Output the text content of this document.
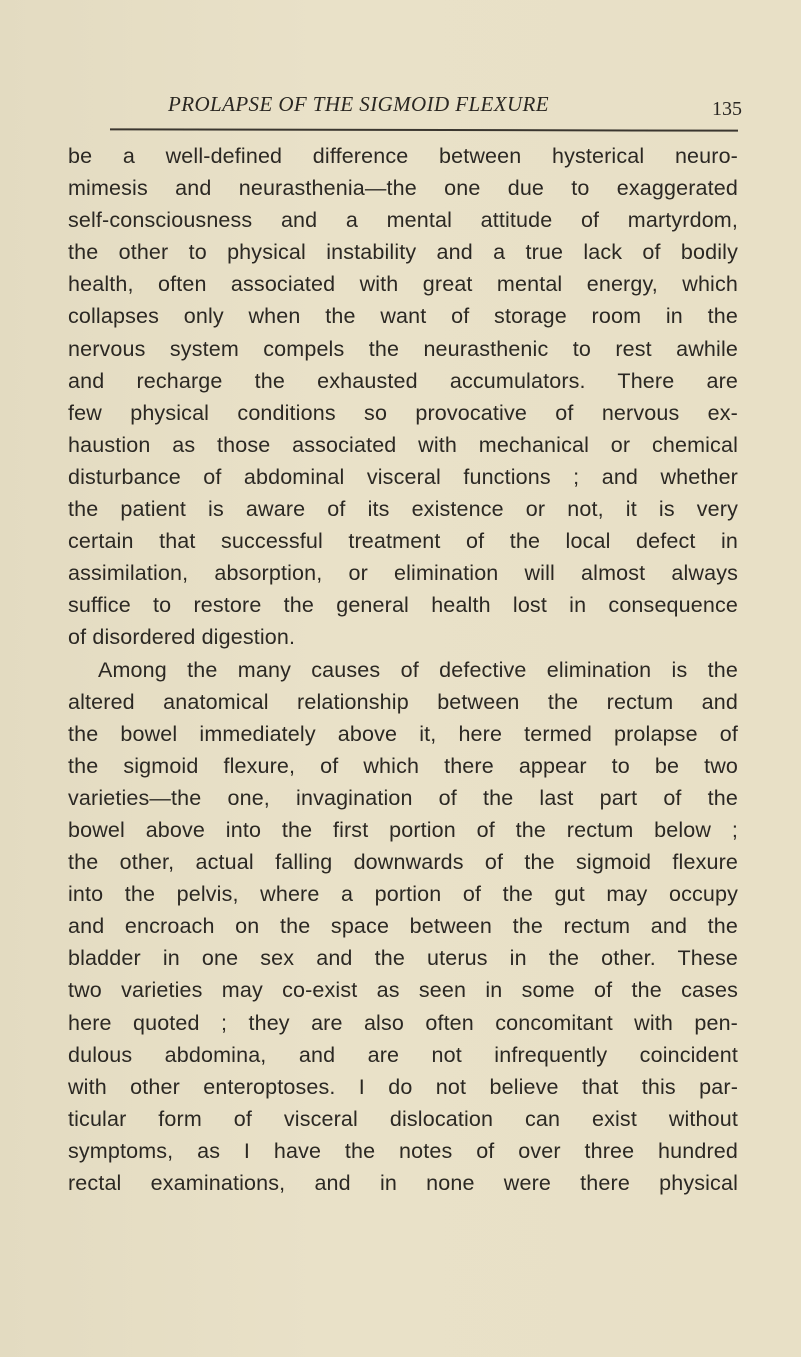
PROLAPSE OF THE SIGMOID FLEXURE	135
be a well-defined difference between hysterical neuro-
mimesis and neurasthenia—the one due to exaggerated
self-consciousness and a mental attitude of martyrdom,
the other to physical instability and a true lack of bodily
health, often associated with great mental energy, which
collapses only when the want of storage room in the
nervous system compels the neurasthenic to rest awhile
and recharge the exhausted accumulators. There are
few physical conditions so provocative of nervous ex-
haustion as those associated with mechanical or chemical
disturbance of abdominal visceral functions ; and whether
the patient is aware of its existence or not, it is very
certain that successful treatment of the local defect in
assimilation, absorption, or elimination will almost always
suffice to restore the general health lost in consequence
of disordered digestion.
Among the many causes of defective elimination is the
altered anatomical relationship between the rectum and
the bowel immediately above it, here termed prolapse of
the sigmoid flexure, of which there appear to be two
varieties—the one, invagination of the last part of the
bowel above into the first portion of the rectum below ;
the other, actual falling downwards of the sigmoid flexure
into the pelvis, where a portion of the gut may occupy
and encroach on the space between the rectum and the
bladder in one sex and the uterus in the other. These
two varieties may co-exist as seen in some of the cases
here quoted ; they are also often concomitant with pen-
dulous abdomina, and are not infrequently coincident
with other enteroptoses. I do not believe that this par-
ticular form of visceral dislocation can exist without
symptoms, as I have the notes of over three hundred
rectal examinations, and in none were there physical
